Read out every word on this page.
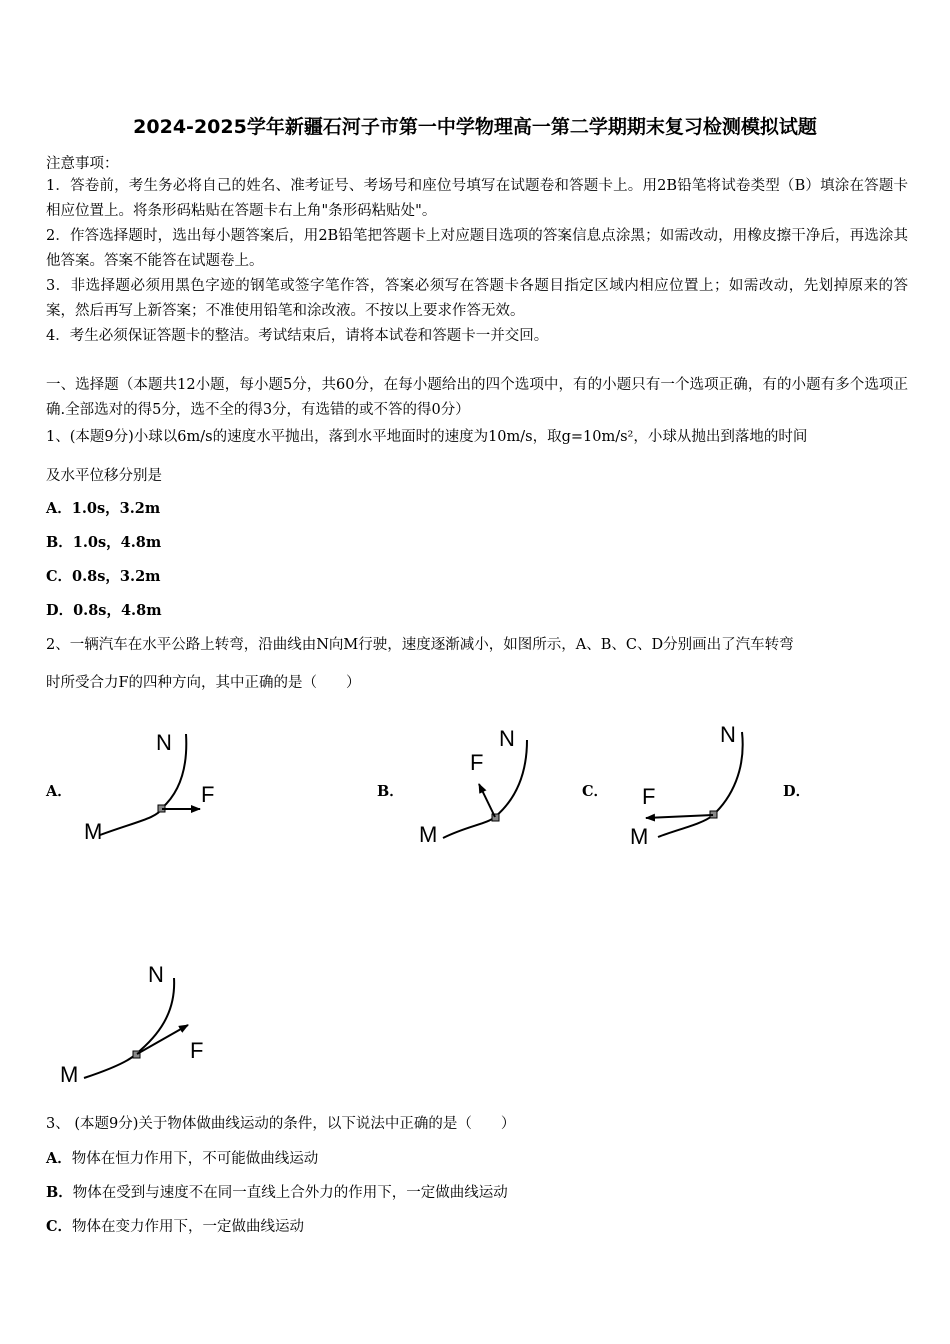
2024-2025学年新疆石河子市第一中学物理高一第二学期期末复习检测模拟试题
注意事项：
1．答卷前，考生务必将自己的姓名、准考证号、考场号和座位号填写在试题卷和答题卡上。用2B铅笔将试卷类型（B）填涂在答题卡相应位置上。将条形码粘贴在答题卡右上角"条形码粘贴处"。
2．作答选择题时，选出每小题答案后，用2B铅笔把答题卡上对应题目选项的答案信息点涂黑；如需改动，用橡皮擦干净后，再选涂其他答案。答案不能答在试题卷上。
3．非选择题必须用黑色字迹的钢笔或签字笔作答，答案必须写在答题卡各题目指定区域内相应位置上；如需改动，先划掉原来的答案，然后再写上新答案；不准使用铅笔和涂改液。不按以上要求作答无效。
4．考生必须保证答题卡的整洁。考试结束后，请将本试卷和答题卡一并交回。
一、选择题（本题共12小题，每小题5分，共60分，在每小题给出的四个选项中，有的小题只有一个选项正确，有的小题有多个选项正确.全部选对的得5分，选不全的得3分，有选错的或不答的得0分）
1、(本题9分)小球以6m/s的速度水平抛出，落到水平地面时的速度为10m/s，取g=10m/s²，小球从抛出到落地的时间
及水平位移分别是
A．1.0s，3.2m
B．1.0s，4.8m
C．0.8s，3.2m
D．0.8s，4.8m
2、一辆汽车在水平公路上转弯，沿曲线由N向M行驶，速度逐渐减小，如图所示，A、B、C、D分别画出了汽车转弯
时所受合力F的四种方向，其中正确的是（　　）
A．	B．	C．	D．
N
F
M
N
F
M
N
F
M
N
F
M
3、 (本题9分)关于物体做曲线运动的条件，以下说法中正确的是（　　）
A．物体在恒力作用下，不可能做曲线运动
B．物体在受到与速度不在同一直线上合外力的作用下，一定做曲线运动
C．物体在变力作用下，一定做曲线运动
